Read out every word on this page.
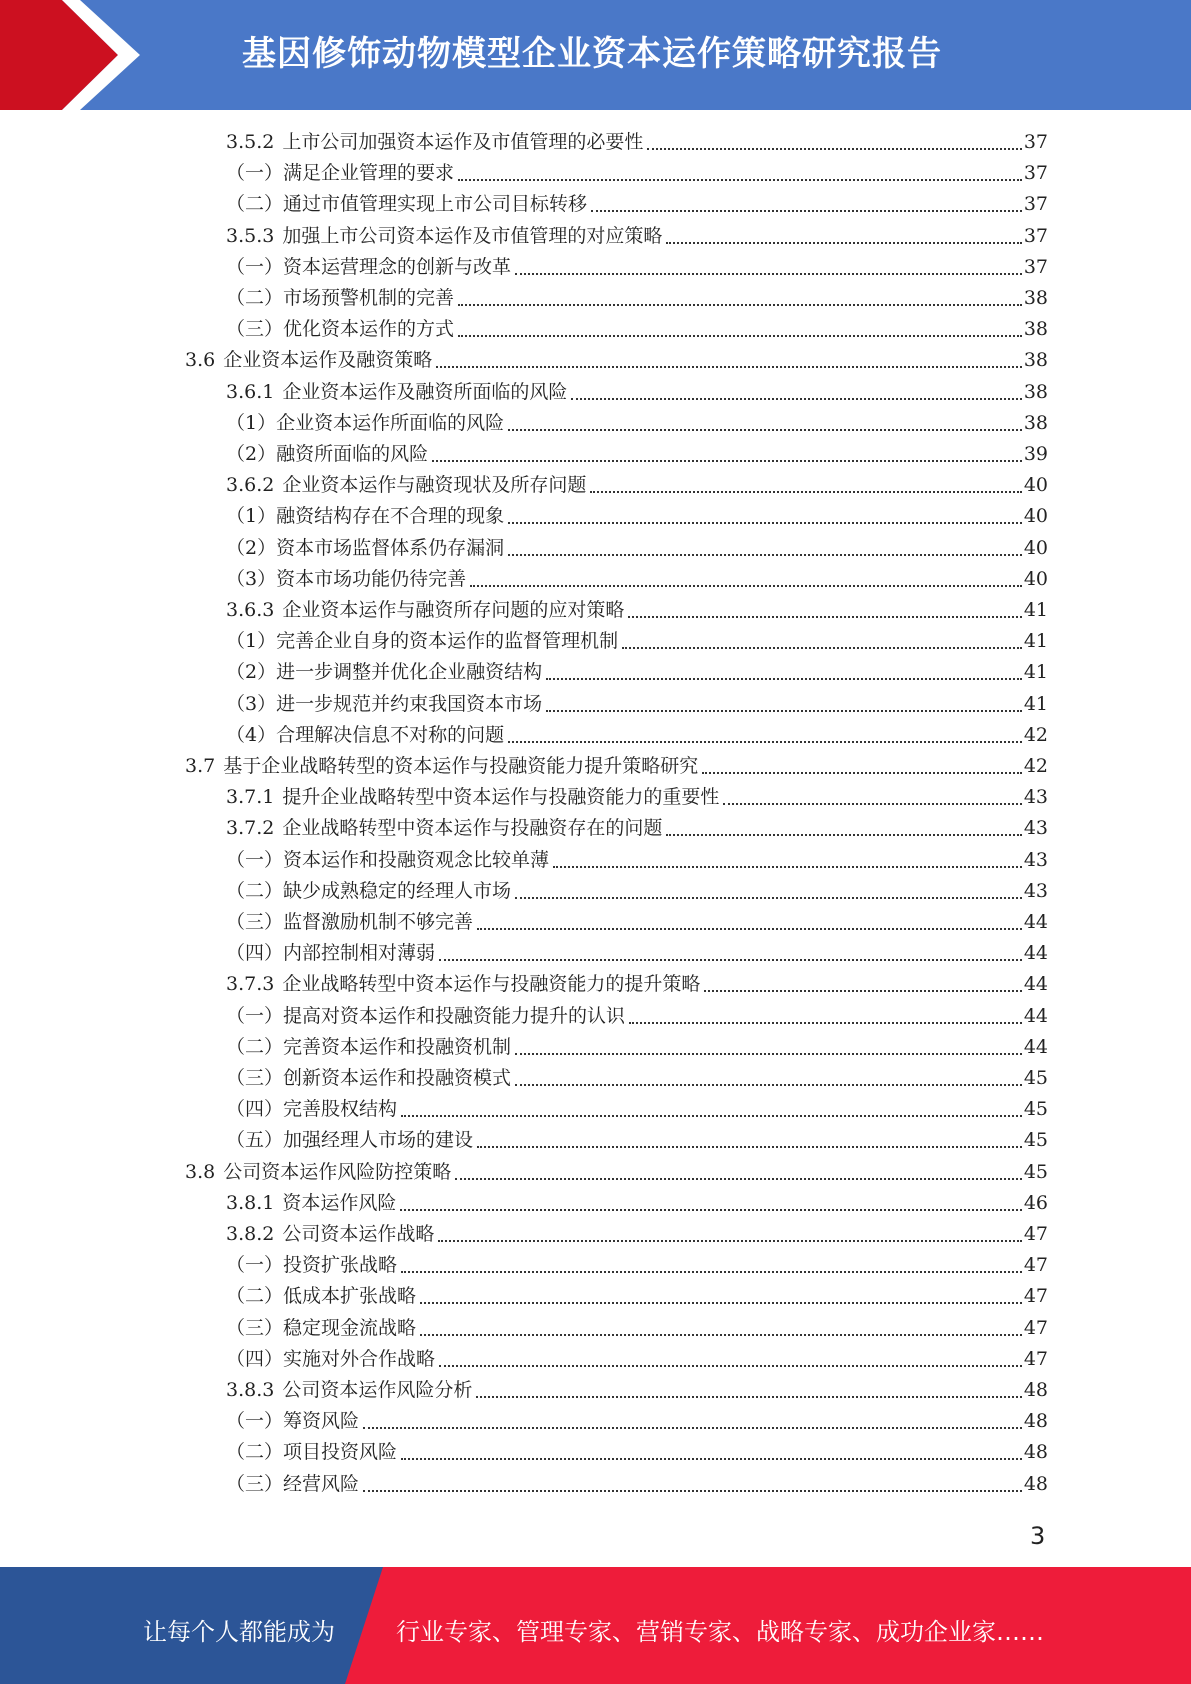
基因修饰动物模型企业资本运作策略研究报告
3.5.2 上市公司加强资本运作及市值管理的必要性	37
（一） 满足企业管理的要求	37
（二） 通过市值管理实现上市公司目标转移	37
3.5.3 加强上市公司资本运作及市值管理的对应策略	37
（一） 资本运营理念的创新与改革	37
（二） 市场预警机制的完善	38
（三） 优化资本运作的方式	38
3.6 企业资本运作及融资策略	38
3.6.1 企业资本运作及融资所面临的风险	38
（1） 企业资本运作所面临的风险	38
（2） 融资所面临的风险	39
3.6.2 企业资本运作与融资现状及所存问题	40
（1） 融资结构存在不合理的现象	40
（2） 资本市场监督体系仍存漏洞	40
（3） 资本市场功能仍待完善	40
3.6.3 企业资本运作与融资所存问题的应对策略	41
（1） 完善企业自身的资本运作的监督管理机制	41
（2） 进一步调整并优化企业融资结构	41
（3） 进一步规范并约束我国资本市场	41
（4） 合理解决信息不对称的问题	42
3.7 基于企业战略转型的资本运作与投融资能力提升策略研究	42
3.7.1 提升企业战略转型中资本运作与投融资能力的重要性	43
3.7.2 企业战略转型中资本运作与投融资存在的问题	43
（一） 资本运作和投融资观念比较单薄	43
（二） 缺少成熟稳定的经理人市场	43
（三） 监督激励机制不够完善	44
（四） 内部控制相对薄弱	44
3.7.3 企业战略转型中资本运作与投融资能力的提升策略	44
（一） 提高对资本运作和投融资能力提升的认识	44
（二） 完善资本运作和投融资机制	44
（三） 创新资本运作和投融资模式	45
（四） 完善股权结构	45
（五） 加强经理人市场的建设	45
3.8 公司资本运作风险防控策略	45
3.8.1 资本运作风险	46
3.8.2 公司资本运作战略	47
（一） 投资扩张战略	47
（二） 低成本扩张战略	47
（三） 稳定现金流战略	47
（四） 实施对外合作战略	47
3.8.3 公司资本运作风险分析	48
（一） 筹资风险	48
（二） 项目投资风险	48
（三） 经营风险	48
3
让每个人都能成为	行业专家、管理专家、营销专家、战略专家、成功企业家……
